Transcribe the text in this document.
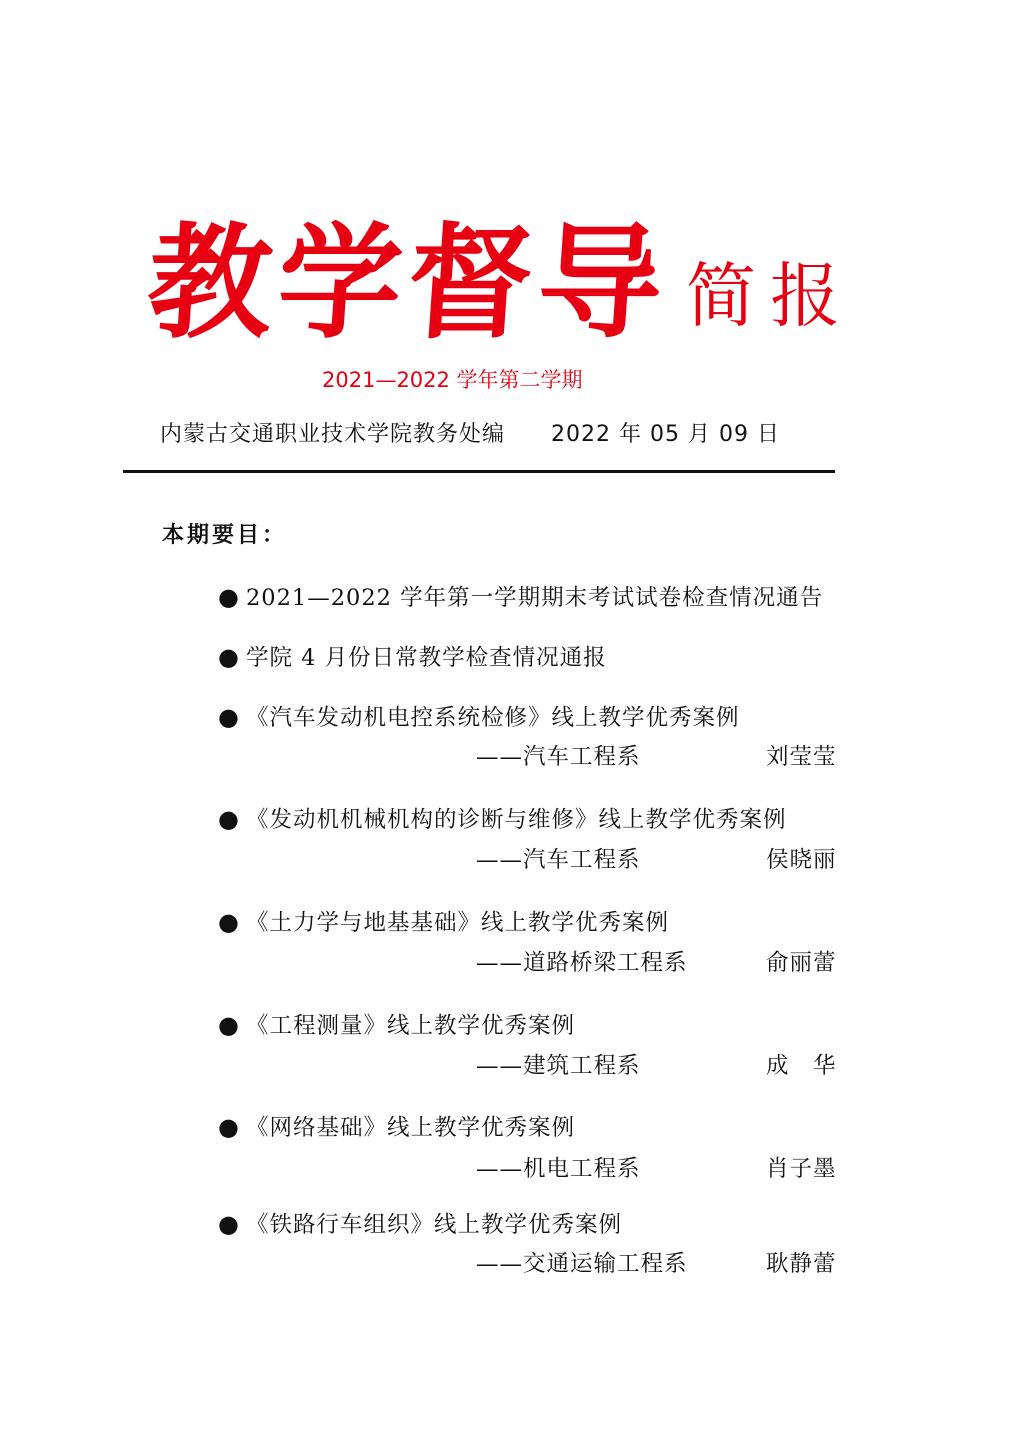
教学督导 简报
2021—2022 学年第二学期
内蒙古交通职业技术学院教务处编 2022 年 05 月 09 日
本期要目：
● 2021—2022 学年第一学期期末考试试卷检查情况通告
● 学院 4 月份日常教学检查情况通报
● 《汽车发动机电控系统检修》线上教学优秀案例
——汽车工程系	刘莹莹
● 《发动机机械机构的诊断与维修》线上教学优秀案例
——汽车工程系	侯晓丽
● 《土力学与地基基础》线上教学优秀案例
——道路桥梁工程系	俞丽蕾
● 《工程测量》线上教学优秀案例
——建筑工程系	成　华
● 《网络基础》线上教学优秀案例
——机电工程系	肖子墨
● 《铁路行车组织》线上教学优秀案例
——交通运输工程系	耿静蕾
